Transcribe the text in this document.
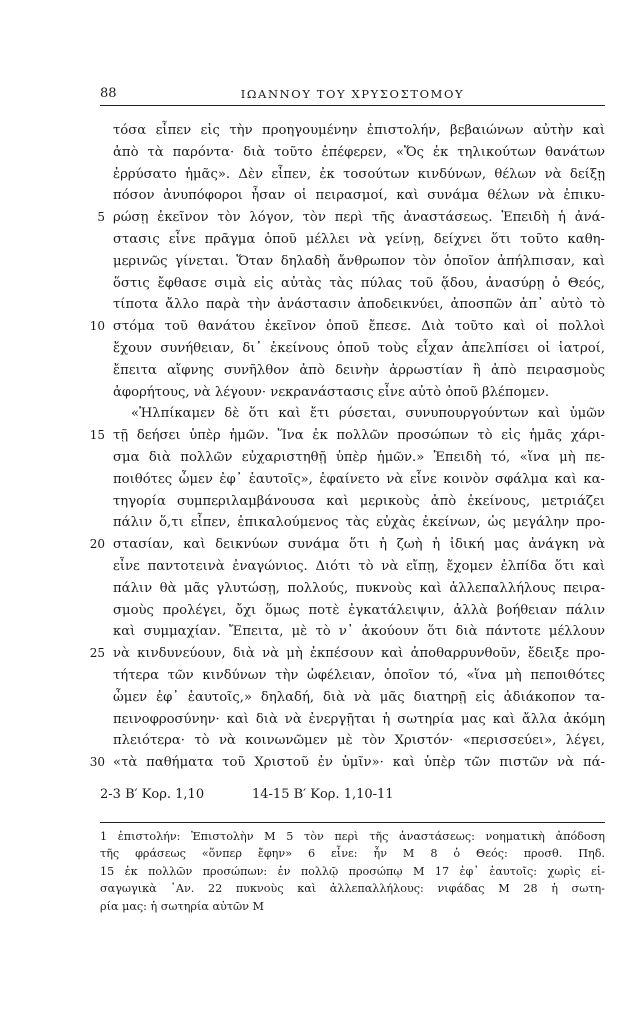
88	ΙΩΑΝΝΟΥ ΤΟΥ ΧΡΥΣΟΣΤΟΜΟΥ
τόσα εἶπεν εἰς τὴν προηγουμένην ἐπιστολήν, βεβαιώνων αὐτὴν καὶ
ἀπὸ τὰ παρόντα· διὰ τοῦτο ἐπέφερεν, «Ὅς ἐκ τηλικούτων θανάτων
ἐρρύσατο ἡμᾶς». Δὲν εἶπεν, ἐκ τοσούτων κινδύνων, θέλων νὰ δείξῃ
πόσον ἀνυπόφοροι ἦσαν οἱ πειρασμοί, καὶ συνάμα θέλων νὰ ἐπικυ-
5 ρώσῃ ἐκεῖνον τὸν λόγον, τὸν περὶ τῆς ἀναστάσεως. Ἐπειδὴ ἡ ἀνά-
στασις εἶνε πρᾶγμα ὁποῦ μέλλει νὰ γείνῃ, δείχνει ὅτι τοῦτο καθη-
μερινῶς γίνεται. Ὅταν δηλαδὴ ἄνθρωπον τὸν ὁποῖον ἀπήλπισαν, καὶ
ὅστις ἔφθασε σιμὰ εἰς αὐτὰς τὰς πύλας τοῦ ᾅδου, ἀνασύρῃ ὁ Θεός,
τίποτα ἄλλο παρὰ τὴν ἀνάστασιν ἀποδεικνύει, ἀποσπῶν ἀπ᾽ αὐτὸ τὸ
10 στόμα τοῦ θανάτου ἐκεῖνον ὁποῦ ἔπεσε. Διὰ τοῦτο καὶ οἱ πολλοὶ
ἔχουν συνήθειαν, δι᾽ ἐκείνους ὁποῦ τοὺς εἶχαν ἀπελπίσει οἱ ἰατροί,
ἔπειτα αἴφνης συνῆλθον ἀπὸ δεινὴν ἀρρωστίαν ἢ ἀπὸ πειρασμοὺς
ἀφορήτους, νὰ λέγουν· νεκρανάστασις εἶνε αὐτὸ ὁποῦ βλέπομεν.
«Ἠλπίκαμεν δὲ ὅτι καὶ ἔτι ρύσεται, συνυπουργούντων καὶ ὑμῶν
15 τῇ δεήσει ὑπὲρ ἡμῶν. Ἵνα ἐκ πολλῶν προσώπων τὸ εἰς ἡμᾶς χάρι-
σμα διὰ πολλῶν εὐχαριστηθῇ ὑπὲρ ἡμῶν.» Ἐπειδὴ τό, «ἵνα μὴ πε-
ποιθότες ὦμεν ἐφ᾽ ἑαυτοῖς», ἐφαίνετο νὰ εἶνε κοινὸν σφάλμα καὶ κα-
τηγορία συμπεριλαμβάνουσα καὶ μερικοὺς ἀπὸ ἐκείνους, μετριάζει
πάλιν ὅ,τι εἶπεν, ἐπικαλούμενος τὰς εὐχὰς ἐκείνων, ὡς μεγάλην προ-
20 στασίαν, καὶ δεικνύων συνάμα ὅτι ἡ ζωὴ ἡ ἰδική μας ἀνάγκη νὰ
εἶνε παντοτεινὰ ἐναγώνιος. Διότι τὸ νὰ εἴπῃ, ἔχομεν ἐλπίδα ὅτι καὶ
πάλιν θὰ μᾶς γλυτώσῃ, πολλούς, πυκνοὺς καὶ ἀλλεπαλλήλους πειρα-
σμοὺς προλέγει, ὄχι ὅμως ποτὲ ἐγκατάλειψιν, ἀλλὰ βοήθειαν πάλιν
καὶ συμμαχίαν. Ἔπειτα, μὲ τὸ ν᾽ ἀκούουν ὅτι διὰ πάντοτε μέλλουν
25 νὰ κινδυνεύουν, διὰ νὰ μὴ ἐκπέσουν καὶ ἀποθαρρυνθοῦν, ἔδειξε προ-
τήτερα τῶν κινδύνων τὴν ὠφέλειαν, ὁποῖον τό, «ἵνα μὴ πεποιθότες
ὦμεν ἐφ᾽ ἑαυτοῖς,» δηλαδή, διὰ νὰ μᾶς διατηρῇ εἰς ἀδιάκοπον τα-
πεινοφροσύνην· καὶ διὰ νὰ ἐνεργῇται ἡ σωτηρία μας καὶ ἄλλα ἀκόμη
πλειότερα· τὸ νὰ κοινωνῶμεν μὲ τὸν Χριστόν· «περισσεύει», λέγει,
30 «τὰ παθήματα τοῦ Χριστοῦ ἐν ὑμῖν»· καὶ ὑπὲρ τῶν πιστῶν νὰ πά-
2-3 Β′ Κορ. 1,10	14-15 Β′ Κορ. 1,10-11
1 ἐπιστολήν: Ἐπιστολὴν Μ 5 τὸν περὶ τῆς ἀναστάσεως: νοηματικὴ ἀπόδοση
τῆς φράσεως «ὅνπερ ἔφην» 6 εἶνε: ἦν Μ 8 ὁ Θεός: προσθ. Πηδ.
15 ἐκ πολλῶν προσώπων: ἐν πολλῷ προσώπῳ Μ 17 ἐφ᾽ ἑαυτοῖς: χωρὶς εἰ-
σαγωγικὰ ᾽Αν. 22 πυκνοὺς καὶ ἀλλεπαλλήλους: νιφάδας Μ 28 ἡ σωτη-
ρία μας: ἡ σωτηρία αὐτῶν Μ
